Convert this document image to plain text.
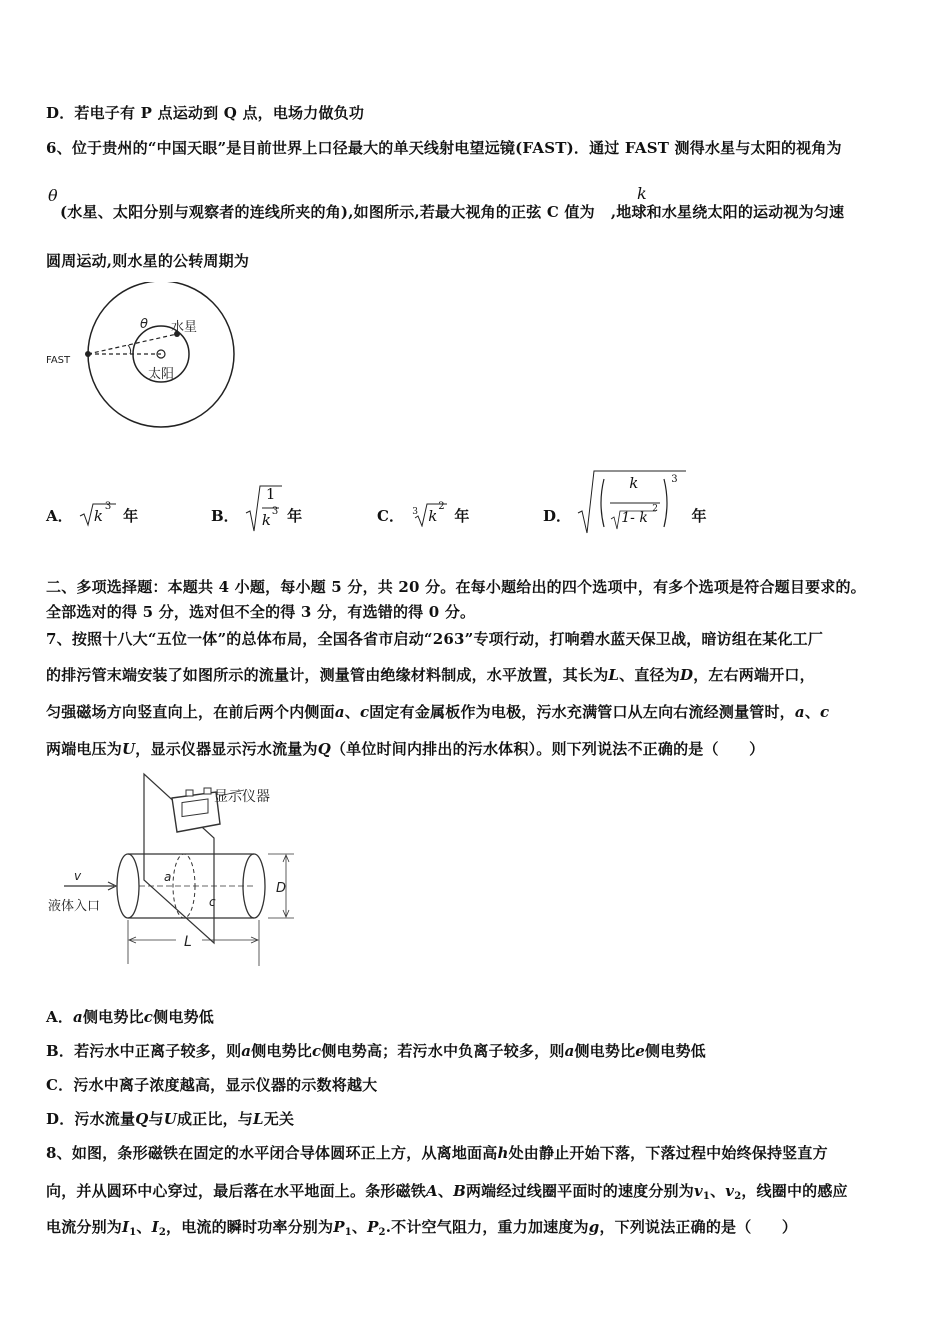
D．若电子有 P 点运动到 Q 点，电场力做负功
6、位于贵州的“中国天眼”是目前世界上口径最大的单天线射电望远镜(FAST)．通过 FAST 测得水星与太阳的视角为
θ
(水星、太阳分别与观察者的连线所夹的角),如图所示,若最大视角的正弦 C 值为 ,地球和水星绕太阳的运动视为匀速
k
圆周运动,则水星的公转周期为
FAST
水星
太阳
θ
A． k
3
年	B．
1
k 3 年	C． 3 k
2
年	D．
k
1- k
2
3
年
二、多项选择题：本题共 4 小题，每小题 5 分，共 20 分。在每小题给出的四个选项中，有多个选项是符合题目要求的。
全部选对的得 5 分，选对但不全的得 3 分，有选错的得 0 分。
7、按照十八大“五位一体”的总体布局，全国各省市启动“263”专项行动，打响碧水蓝天保卫战，暗访组在某化工厂
的排污管末端安装了如图所示的流量计，测量管由绝缘材料制成，水平放置，其长为L、直径为D，左右两端开口，
匀强磁场方向竖直向上，在前后两个内侧面a、c固定有金属板作为电极，污水充满管口从左向右流经测量管时，a、c
两端电压为U，显示仪器显示污水流量为Q（单位时间内排出的污水体积）。则下列说法不正确的是（　　）
显示仪器
v
液体入口
a
c
D
L
A．a侧电势比c侧电势低
B．若污水中正离子较多，则a侧电势比c侧电势高；若污水中负离子较多，则a侧电势比e侧电势低
C．污水中离子浓度越高，显示仪器的示数将越大
D．污水流量Q与U成正比，与L无关
8、如图，条形磁铁在固定的水平闭合导体圆环正上方，从离地面高h处由静止开始下落，下落过程中始终保持竖直方
向，并从圆环中心穿过，最后落在水平地面上。条形磁铁A、B两端经过线圈平面时的速度分别为$v_1$、$v_2$，线圈中的感应
电流分别为$I_1$、$I_2$，电流的瞬时功率分别为$P_1$、$P_2$.不计空气阻力，重力加速度为g，下列说法正确的是（　　）
